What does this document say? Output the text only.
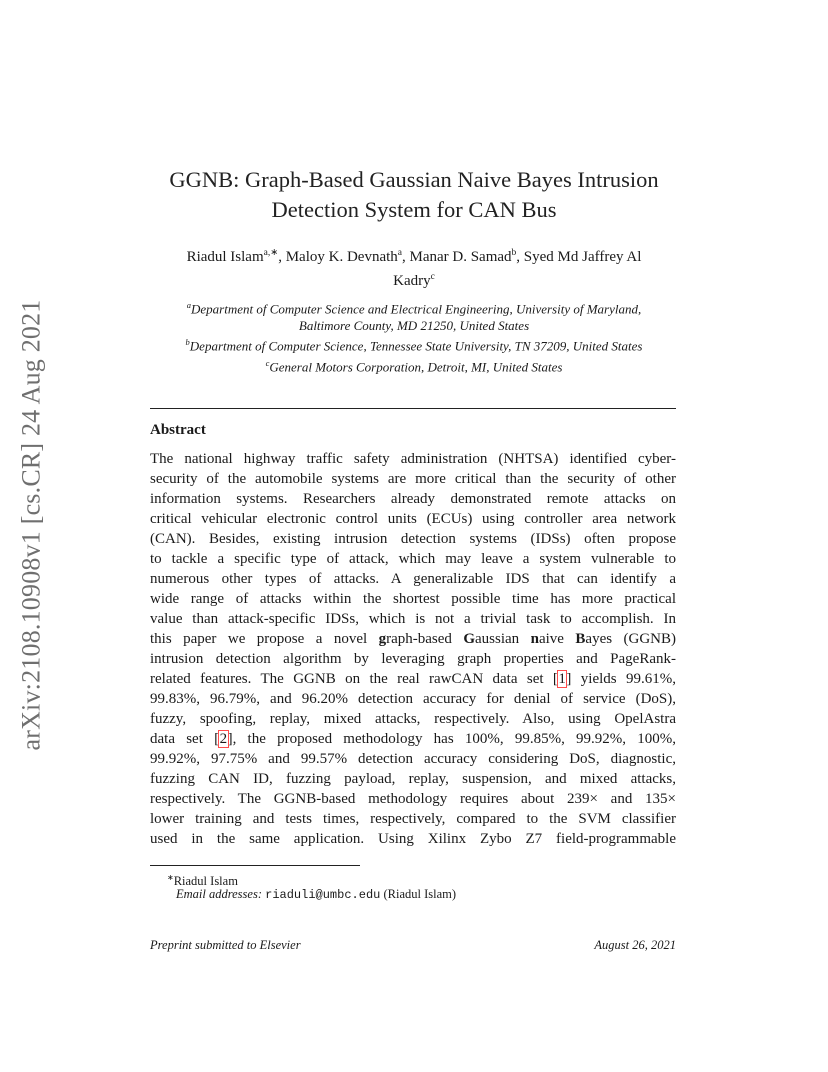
arXiv:2108.10908v1 [cs.CR] 24 Aug 2021
GGNB: Graph-Based Gaussian Naive Bayes Intrusion
Detection System for CAN Bus
Riadul Islam$^{a,∗}$, Maloy K. Devnath$^a$, Manar D. Samad$^b$, Syed Md Jaffrey Al
Kadry$^c$
$^a$Department of Computer Science and Electrical Engineering, University of Maryland,
Baltimore County, MD 21250, United States
$^b$Department of Computer Science, Tennessee State University, TN 37209, United States
$^c$General Motors Corporation, Detroit, MI, United States
Abstract
The national highway traffic safety administration (NHTSA) identified cyber-
security of the automobile systems are more critical than the security of other
information systems. Researchers already demonstrated remote attacks on
critical vehicular electronic control units (ECUs) using controller area network
(CAN). Besides, existing intrusion detection systems (IDSs) often propose
to tackle a specific type of attack, which may leave a system vulnerable to
numerous other types of attacks. A generalizable IDS that can identify a
wide range of attacks within the shortest possible time has more practical
value than attack-specific IDSs, which is not a trivial task to accomplish. In
this paper we propose a novel graph-based Gaussian naive Bayes (GGNB)
intrusion detection algorithm by leveraging graph properties and PageRank-
related features. The GGNB on the real rawCAN data set [1] yields 99.61%,
99.83%, 96.79%, and 96.20% detection accuracy for denial of service (DoS),
fuzzy, spoofing, replay, mixed attacks, respectively. Also, using OpelAstra
data set [2], the proposed methodology has 100%, 99.85%, 99.92%, 100%,
99.92%, 97.75% and 99.57% detection accuracy considering DoS, diagnostic,
fuzzing CAN ID, fuzzing payload, replay, suspension, and mixed attacks,
respectively. The GGNB-based methodology requires about 239× and 135×
lower training and tests times, respectively, compared to the SVM classifier
used in the same application. Using Xilinx Zybo Z7 field-programmable
∗Riadul Islam
Email addresses: riaduli@umbc.edu (Riadul Islam)
Preprint submitted to Elsevier	August 26, 2021
